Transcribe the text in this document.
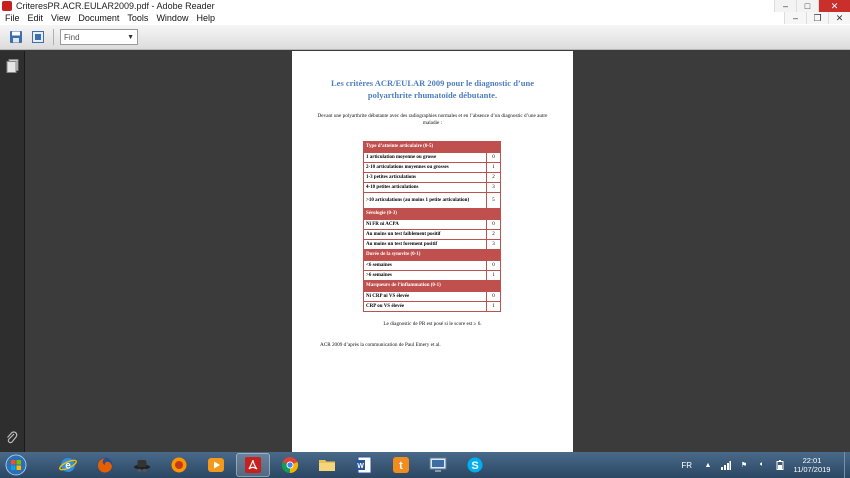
CriteresPR.ACR.EULAR2009.pdf - Adobe Reader	–	□	✕
File Edit View Document Tools Window Help	–	❐	✕
Find	▼
Les critères ACR/EULAR 2009 pour le diagnostic d’une polyarthrite rhumatoïde débutante.
Devant une polyarthrite débutante avec des radiographies normales et en l’absence d’un diagnostic d’une autre maladie :
Type d’atteinte articulaire (0-5)	
1 articulation moyenne ou grosse	0
2-10 articulations moyennes ou grosses	1
1-3 petites articulations	2
4-10 petites articulations	3
>10 articulations (au moins 1 petite articulation)	5
Sérologie (0-3)	
Ni FR ni ACPA	0
Au moins un test faiblement positif	2
Au moins un test forement positif	3
Durée de la synovite (0-1)	
<6 semaines	0
>6 semaines	1
Marqueurs de l’inflammation (0-1)	
Ni CRP ni VS élevée	0
CRP ou VS élevée	1
Le diagnostic de PR est posé si le score est ≥ 6.
ACR 2009 d’après la communication de Paul Emery et al.
e	W	t	S	FR	▲	⚑	🔈︎	22:01
11/07/2019
